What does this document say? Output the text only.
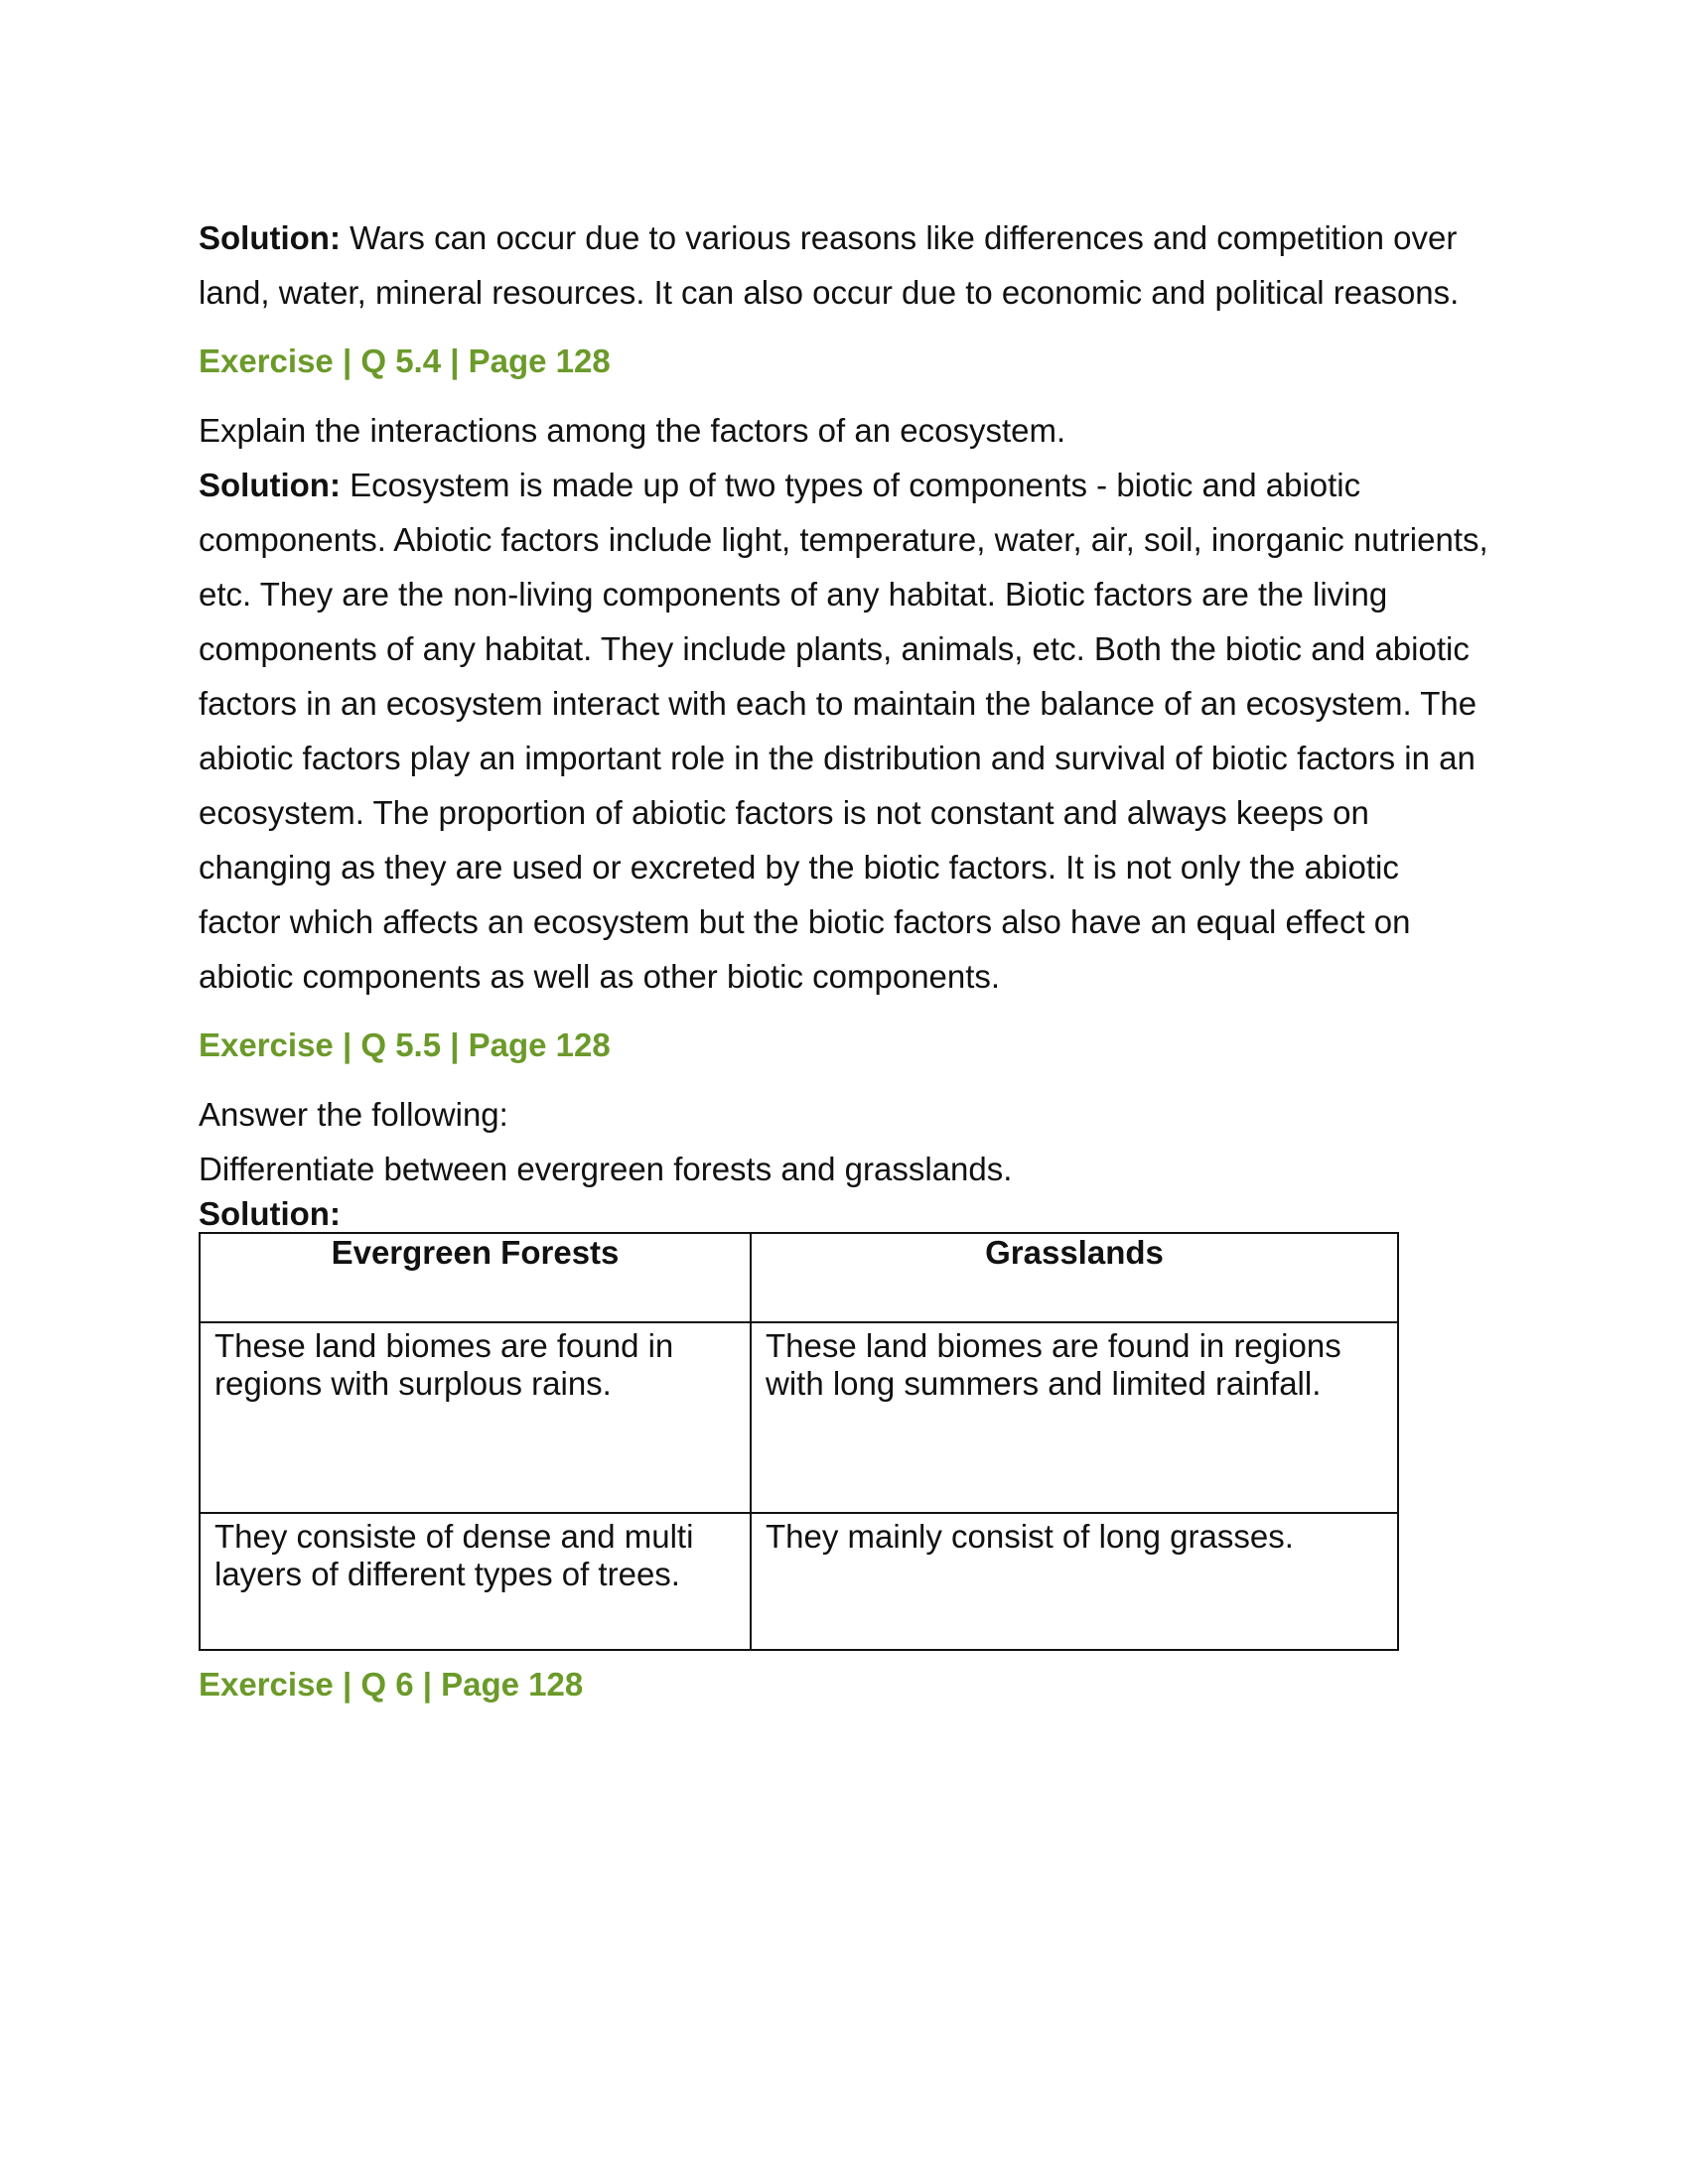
Solution: Wars can occur due to various reasons like differences and competition over land, water, mineral resources. It can also occur due to economic and political reasons.

Exercise | Q 5.4 | Page 128

Explain the interactions among the factors of an ecosystem.

Solution: Ecosystem is made up of two types of components - biotic and abiotic components. Abiotic factors include light, temperature, water, air, soil, inorganic nutrients, etc. They are the non-living components of any habitat. Biotic factors are the living components of any habitat. They include plants, animals, etc. Both the biotic and abiotic factors in an ecosystem interact with each to maintain the balance of an ecosystem. The abiotic factors play an important role in the distribution and survival of biotic factors in an ecosystem. The proportion of abiotic factors is not constant and always keeps on changing as they are used or excreted by the biotic factors. It is not only the abiotic factor which affects an ecosystem but the biotic factors also have an equal effect on abiotic components as well as other biotic components.

Exercise | Q 5.5 | Page 128

Answer the following:

Differentiate between evergreen forests and grasslands.

Solution:

Evergreen Forests	Grasslands
These land biomes are found in regions with surplous rains.	These land biomes are found in regions with long summers and limited rainfall.
They consiste of dense and multi layers of different types of trees.	They mainly consist of long grasses.
Exercise | Q 6 | Page 128
